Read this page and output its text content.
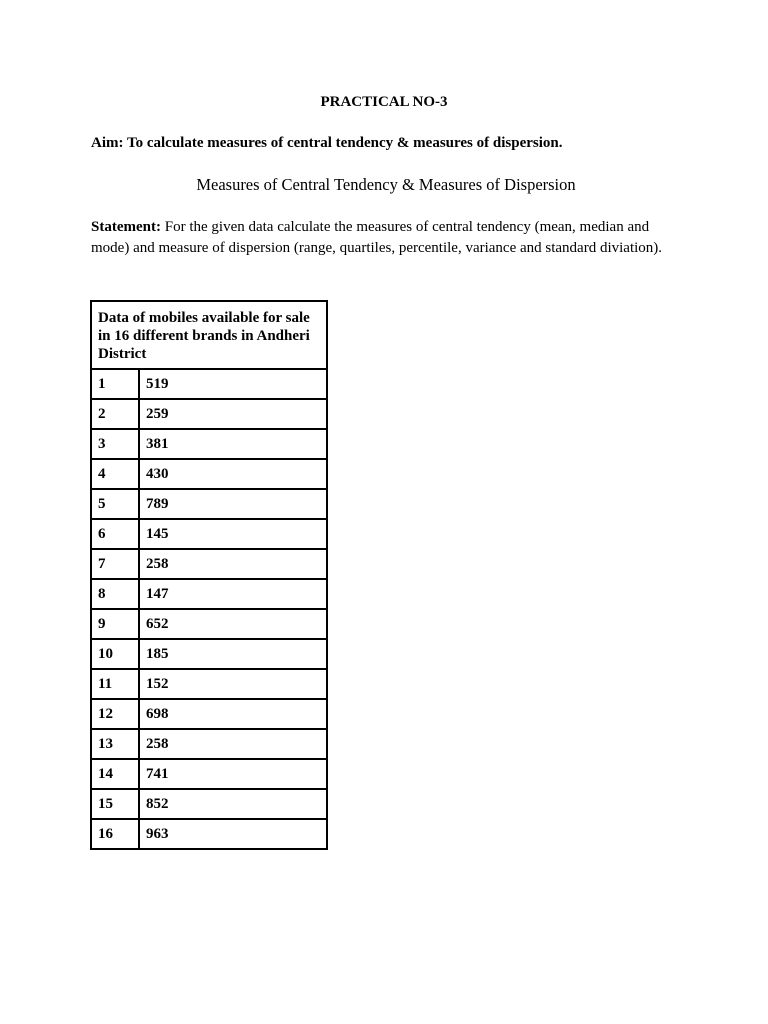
PRACTICAL NO-3
Aim: To calculate measures of central tendency & measures of dispersion.
Measures of Central Tendency & Measures of Dispersion
Statement: For the given data calculate the measures of central tendency (mean, median and mode) and measure of dispersion (range, quartiles, percentile, variance and standard diviation).
Data of mobiles available for sale in 16 different brands in Andheri District	
1	519
2	259
3	381
4	430
5	789
6	145
7	258
8	147
9	652
10	185
11	152
12	698
13	258
14	741
15	852
16	963
